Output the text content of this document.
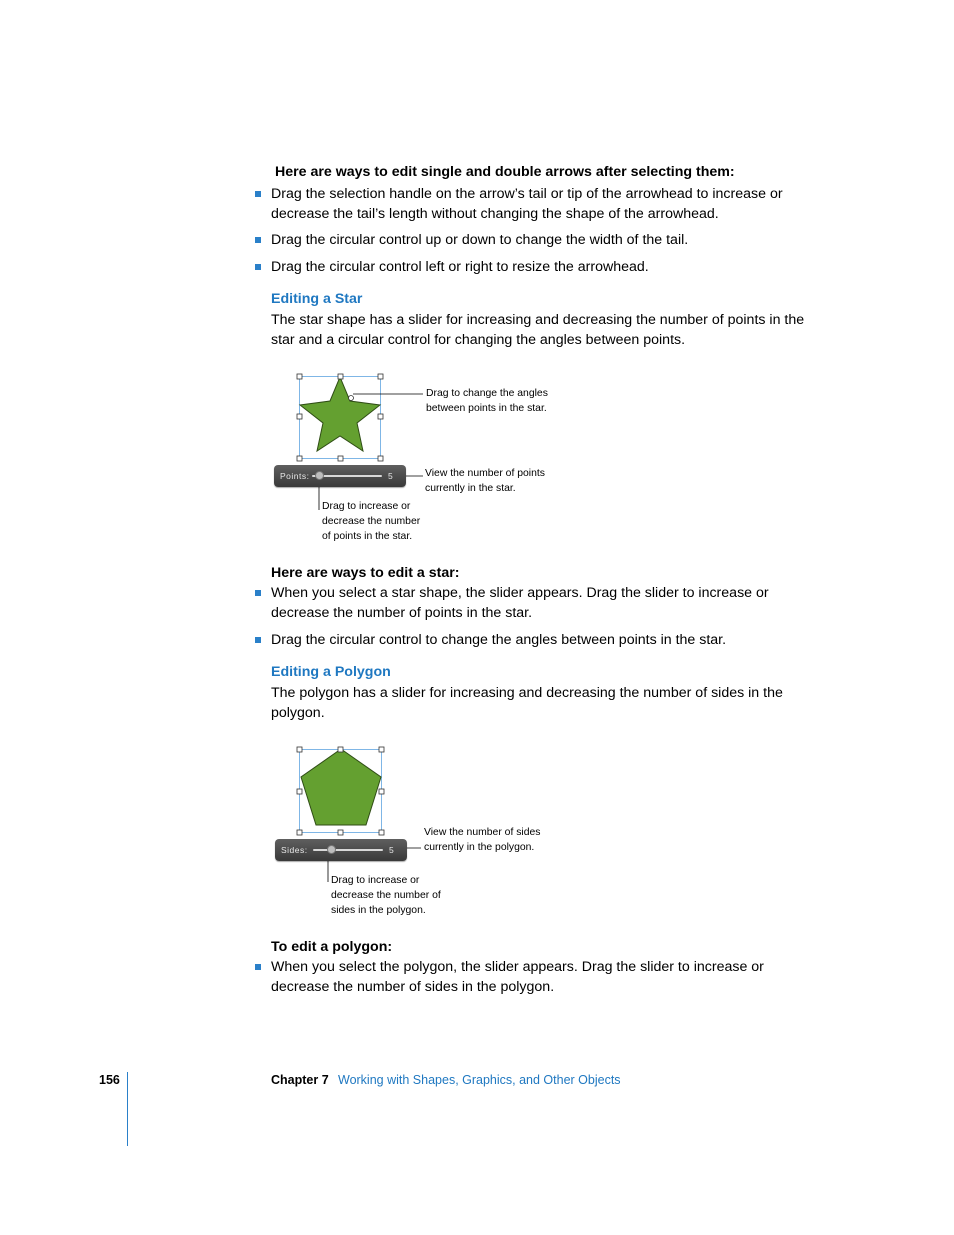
Here are ways to edit single and double arrows after selecting them:
Drag the selection handle on the arrow’s tail or tip of the arrowhead to increase or decrease the tail’s length without changing the shape of the arrowhead.
Drag the circular control up or down to change the width of the tail.
Drag the circular control left or right to resize the arrowhead.
Editing a Star
The star shape has a slider for increasing and decreasing the number of points in the star and a circular control for changing the angles between points.
Points:	5
Drag to change the angles
between points in the star.
View the number of points
currently in the star.
Drag to increase or
decrease the number
of points in the star.
Here are ways to edit a star:
When you select a star shape, the slider appears. Drag the slider to increase or decrease the number of points in the star.
Drag the circular control to change the angles between points in the star.
Editing a Polygon
The polygon has a slider for increasing and decreasing the number of sides in the polygon.
Sides:	5
View the number of sides
currently in the polygon.
Drag to increase or
decrease the number of
sides in the polygon.
To edit a polygon:
When you select the polygon, the slider appears. Drag the slider to increase or decrease the number of sides in the polygon.
156	Chapter 7 Working with Shapes, Graphics, and Other Objects
